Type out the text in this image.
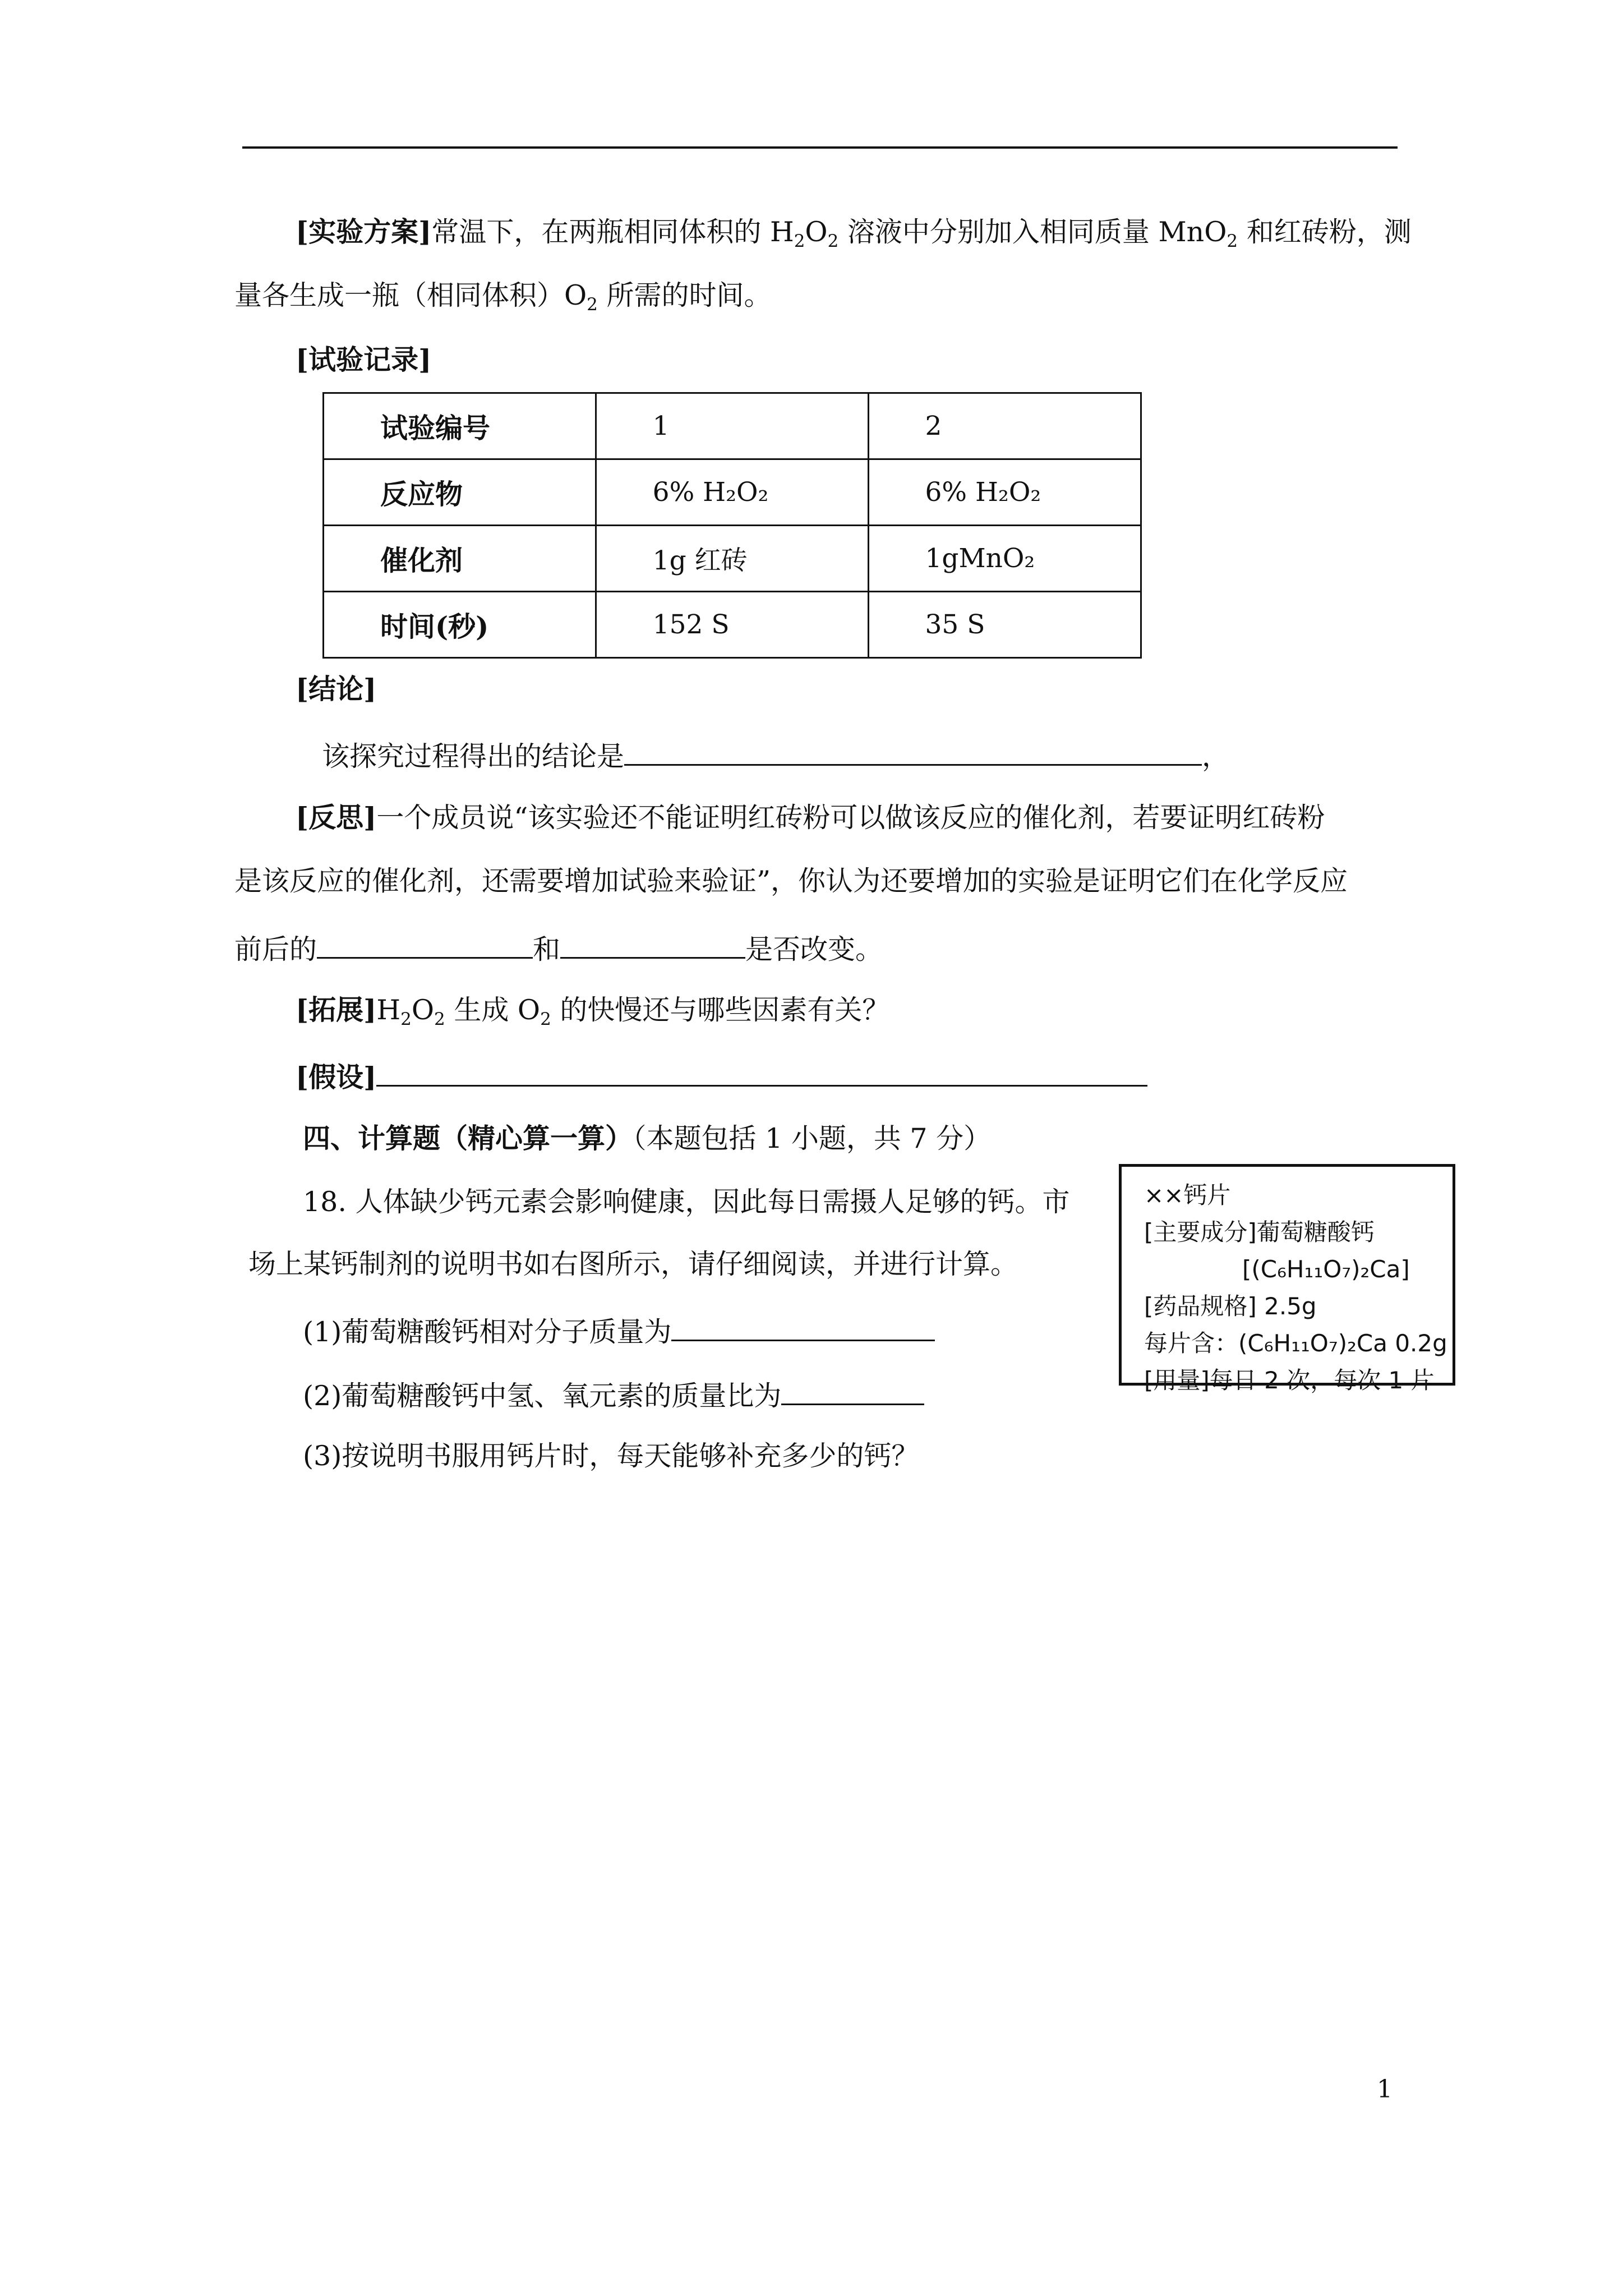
[实验方案]常温下，在两瓶相同体积的 $H_2O_2$ 溶液中分别加入相同质量 MnO$_2$ 和红砖粉，测
量各生成一瓶（相同体积）$O_2$ 所需的时间。
[试验记录]
试验编号	1	2
反应物	6% H₂O₂	6% H₂O₂
催化剂	1g 红砖	1gMnO₂
时间(秒)	152 S	35 S
[结论]
该探究过程得出的结论是	，
[反思]一个成员说“该实验还不能证明红砖粉可以做该反应的催化剂，若要证明红砖粉
是该反应的催化剂，还需要增加试验来验证”，你认为还要增加的实验是证明它们在化学反应
前后的	和	是否改变。
[拓展]$H_2O_2$ 生成 $O_2$ 的快慢还与哪些因素有关？
[假设]
四、计算题（精心算一算）（本题包括 1 小题，共 7 分）
18. 人体缺少钙元素会影响健康，因此每日需摄人足够的钙。市
场上某钙制剂的说明书如右图所示，请仔细阅读，并进行计算。
(1)葡萄糖酸钙相对分子质量为
(2)葡萄糖酸钙中氢、氧元素的质量比为
(3)按说明书服用钙片时，每天能够补充多少的钙？
××钙片
[主要成分]葡萄糖酸钙
[(C₆H₁₁O₇)₂Ca]
[药品规格] 2.5g
每片含：(C₆H₁₁O₇)₂Ca 0.2g
[用量]每日 2 次，每次 1 片
1
